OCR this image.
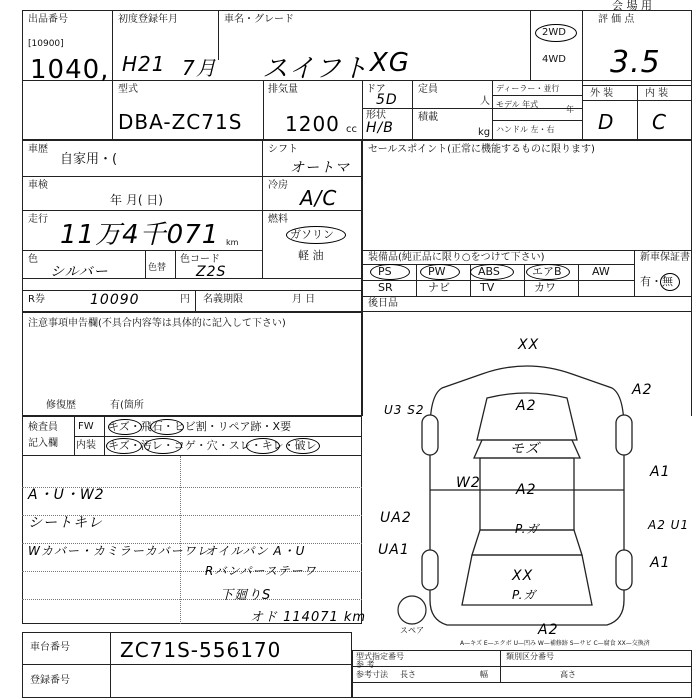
会 場 用
出品番号
[10900]
1040,
初度登録年月
H21 7月
車名・グレード
スイフト XG
2WD
4WD
評 価 点
3.5
外 装	内 装
D C
型式
DBA-ZC71S
排気量
1200 cc
ドア
5D
形状
H/B
定員
人
積載
kg
ディーラー・並行
モデル 年式
年
ハンドル 左・右
車歴
自家用・(
シフト
オートマ
車検
年 月( 日)
冷房
A/C
走行
11万4千071 km
燃料
ガソリン
軽 油
色
シルバー	色替
色コード
Z2S
R券	10090	円 名義期限	月 日
セールスポイント(正常に機能するものに限ります)
装備品(純正品に限り○をつけて下さい)	新車保証書
PS	PW	ABS	エアB	AW
SR	ナビ	TV	カワ	有・無
後日品
注意事項申告欄(不具合内容等は具体的に記入して下さい)
修復歴	有(箇所
検査員
記入欄
FW キズ・飛石・ヒビ割・リペア跡・X要
内装 キズ・汚レ・コゲ・穴・スレ・キレ・破レ
A・U・W2
シートキレ
Wカバー・カミラーカバーワレ
オイルパン A・U
Rバンパーステーワ
下廻りS
オド 114071 km
XX
A2
A2
U3 S2
モズ
A2
W2
A1
UA2	A2 U1
P.ガ
UA1
A1
XX
P.ガ
スペア	A2
A—キズ E—エクボ U—凹み W—補修跡 S—サビ C—腐食 XX—交換済
車台番号	ZC71S-556170
登録番号
型式指定番号
参 考
類別区分番号
参考寸法 長さ	幅	高さ
